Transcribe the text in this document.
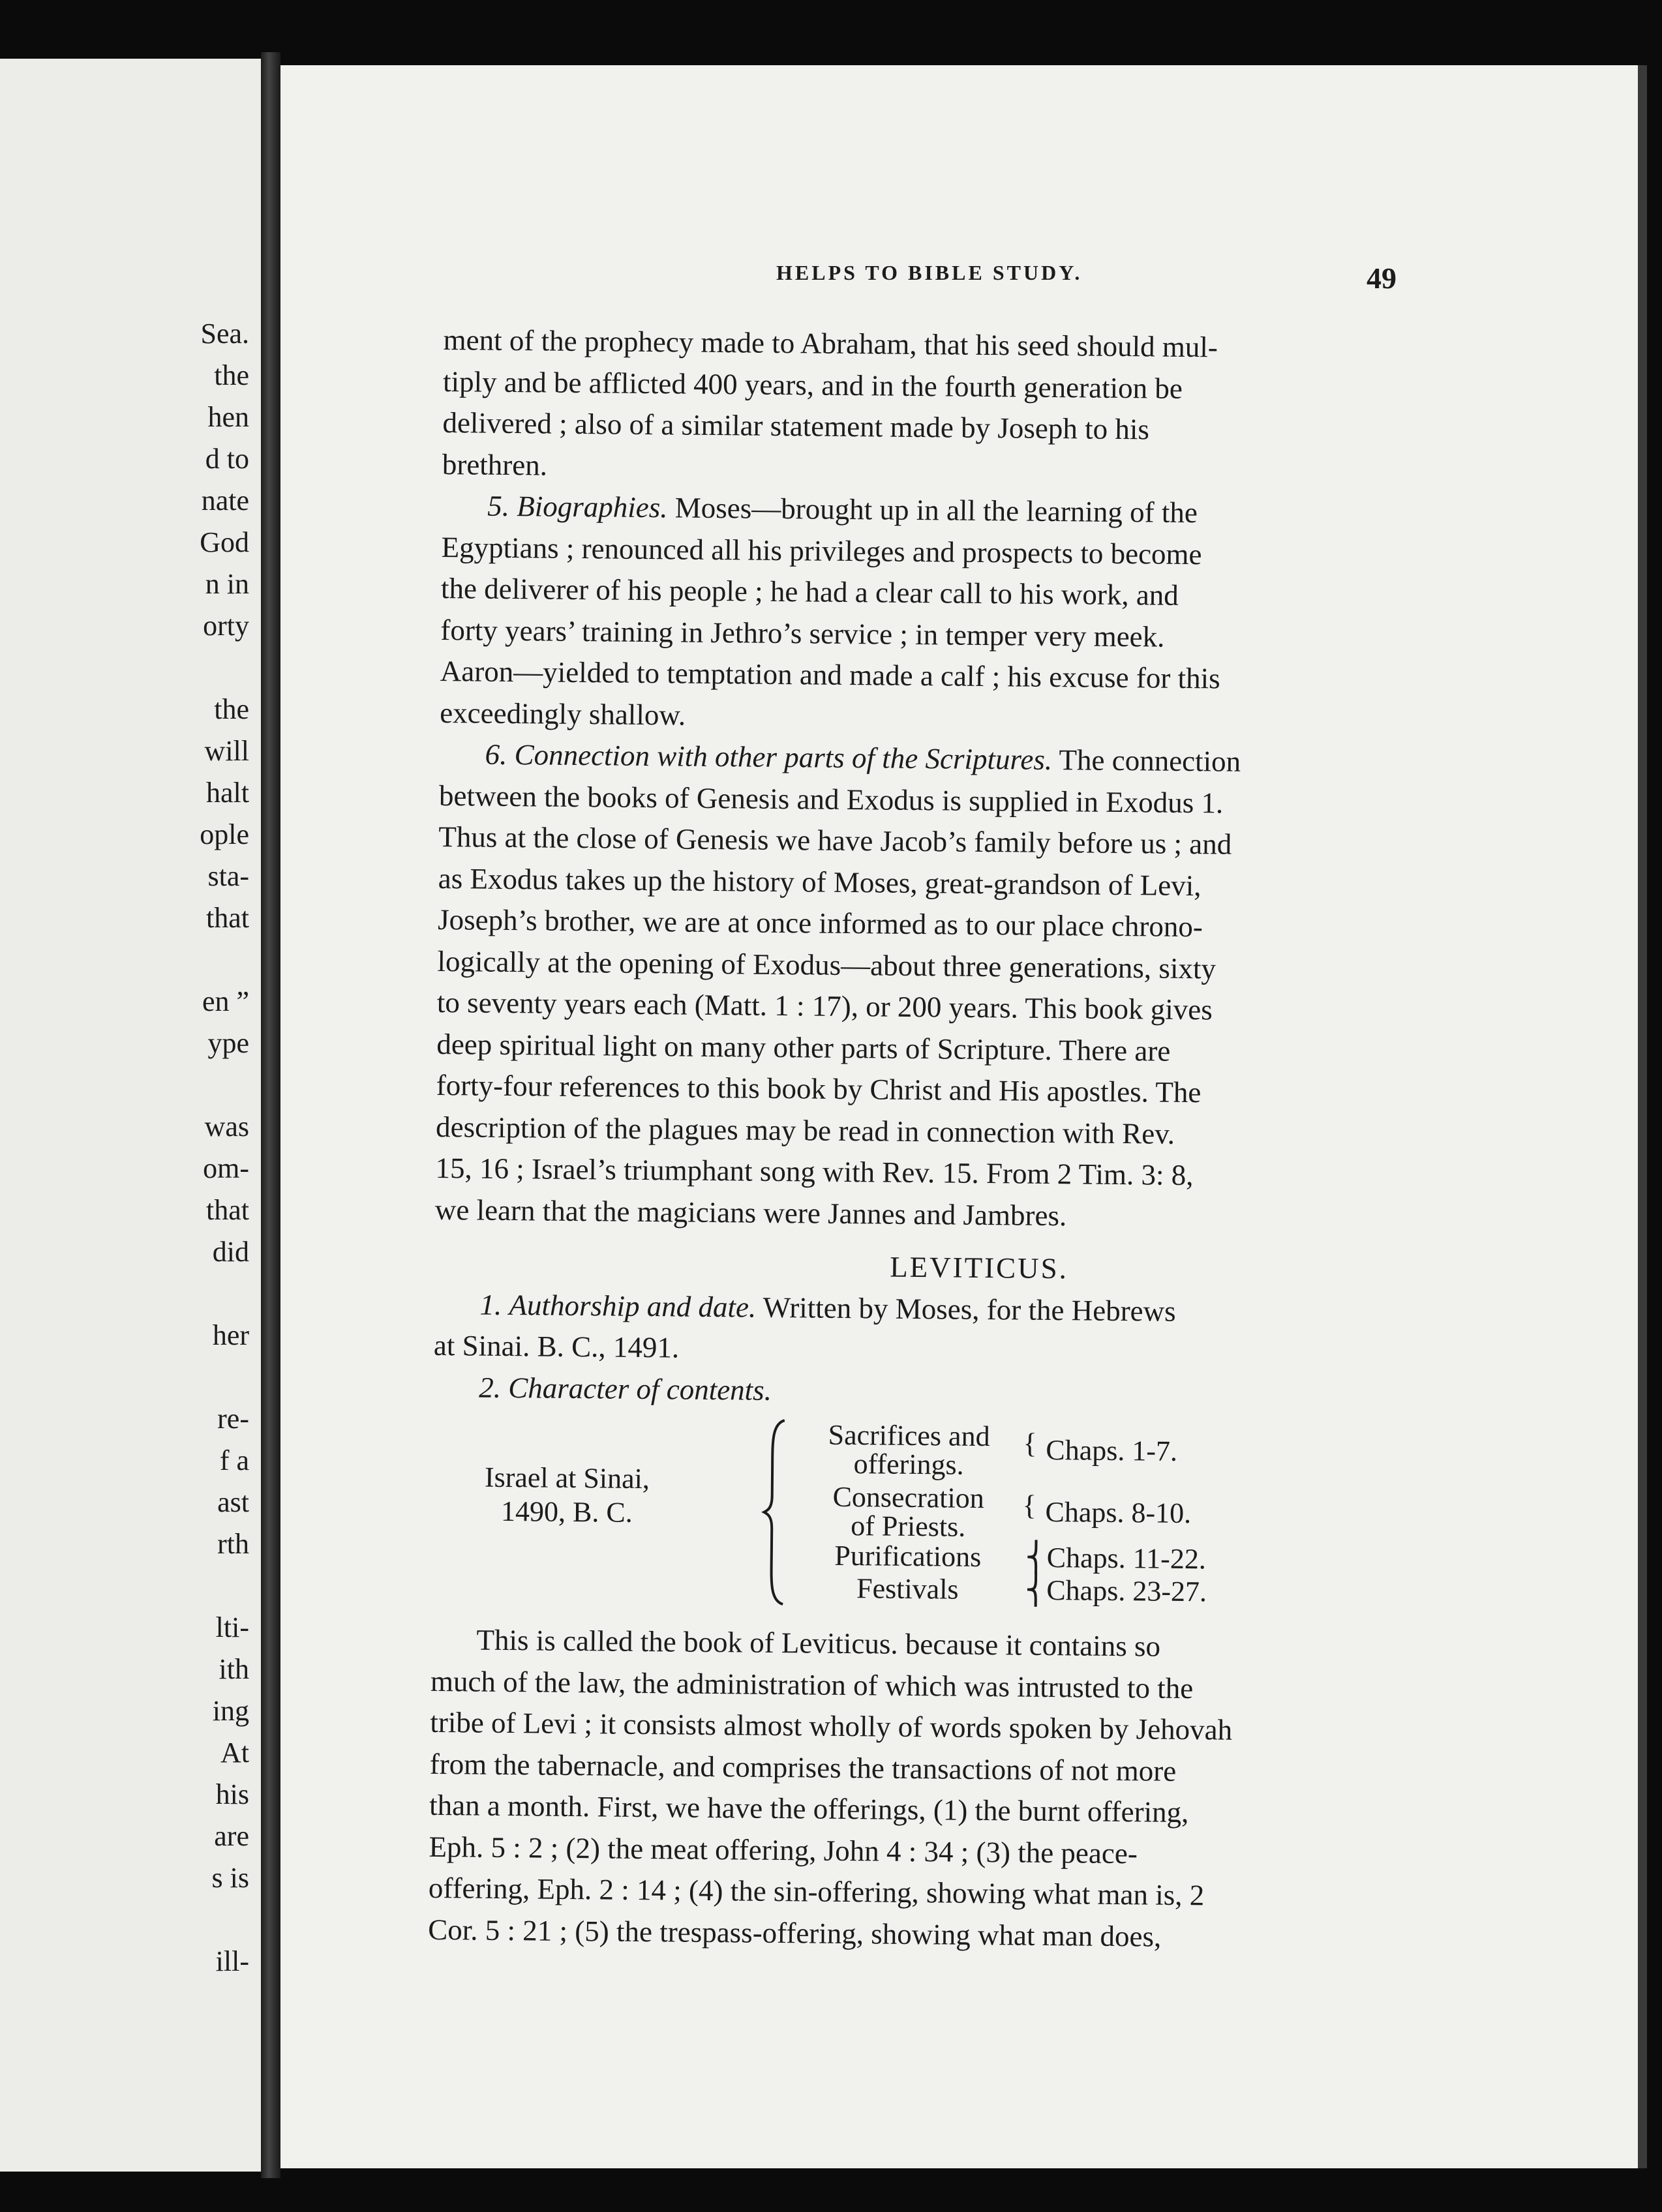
Sea.
the
hen
d to
nate
God
n in
orty
the
will
halt
ople
sta-
that
en ”
ype
was
om-
that
did
her
re-
f a
ast
rth
lti-
ith
ing
At
his
are
s is
ill-
HELPS TO BIBLE STUDY.	49
ment of the prophecy made to Abraham, that his seed should mul-
tiply and be afflicted 400 years, and in the fourth generation be
delivered ; also of a similar statement made by Joseph to his
brethren.
5. Biographies. Moses—brought up in all the learning of the
Egyptians ; renounced all his privileges and prospects to become
the deliverer of his people ; he had a clear call to his work, and
forty years’ training in Jethro’s service ; in temper very meek.
Aaron—yielded to temptation and made a calf ; his excuse for this
exceedingly shallow.
6. Connection with other parts of the Scriptures. The connection
between the books of Genesis and Exodus is supplied in Exodus 1.
Thus at the close of Genesis we have Jacob’s family before us ; and
as Exodus takes up the history of Moses, great-grandson of Levi,
Joseph’s brother, we are at once informed as to our place chrono-
logically at the opening of Exodus—about three generations, sixty
to seventy years each (Matt. 1 : 17), or 200 years. This book gives
deep spiritual light on many other parts of Scripture. There are
forty-four references to this book by Christ and His apostles. The
description of the plagues may be read in connection with Rev.
15, 16 ; Israel’s triumphant song with Rev. 15. From 2 Tim. 3: 8,
we learn that the magicians were Jannes and Jambres.
LEVITICUS.
1. Authorship and date. Written by Moses, for the Hebrews
at Sinai. B. C., 1491.
2. Character of contents.
Israel at Sinai,
1490, B. C.
Sacrifices and
offerings.
{ Chaps. 1-7.
Consecration
of Priests.
{ Chaps. 8-10.
Purifications	⎨Chaps. 11-22.
Festivals	⎨Chaps. 23-27.
This is called the book of Leviticus. because it contains so
much of the law, the administration of which was intrusted to the
tribe of Levi ; it consists almost wholly of words spoken by Jehovah
from the tabernacle, and comprises the transactions of not more
than a month. First, we have the offerings, (1) the burnt offering,
Eph. 5 : 2 ; (2) the meat offering, John 4 : 34 ; (3) the peace-
offering, Eph. 2 : 14 ; (4) the sin-offering, showing what man is, 2
Cor. 5 : 21 ; (5) the trespass-offering, showing what man does,
